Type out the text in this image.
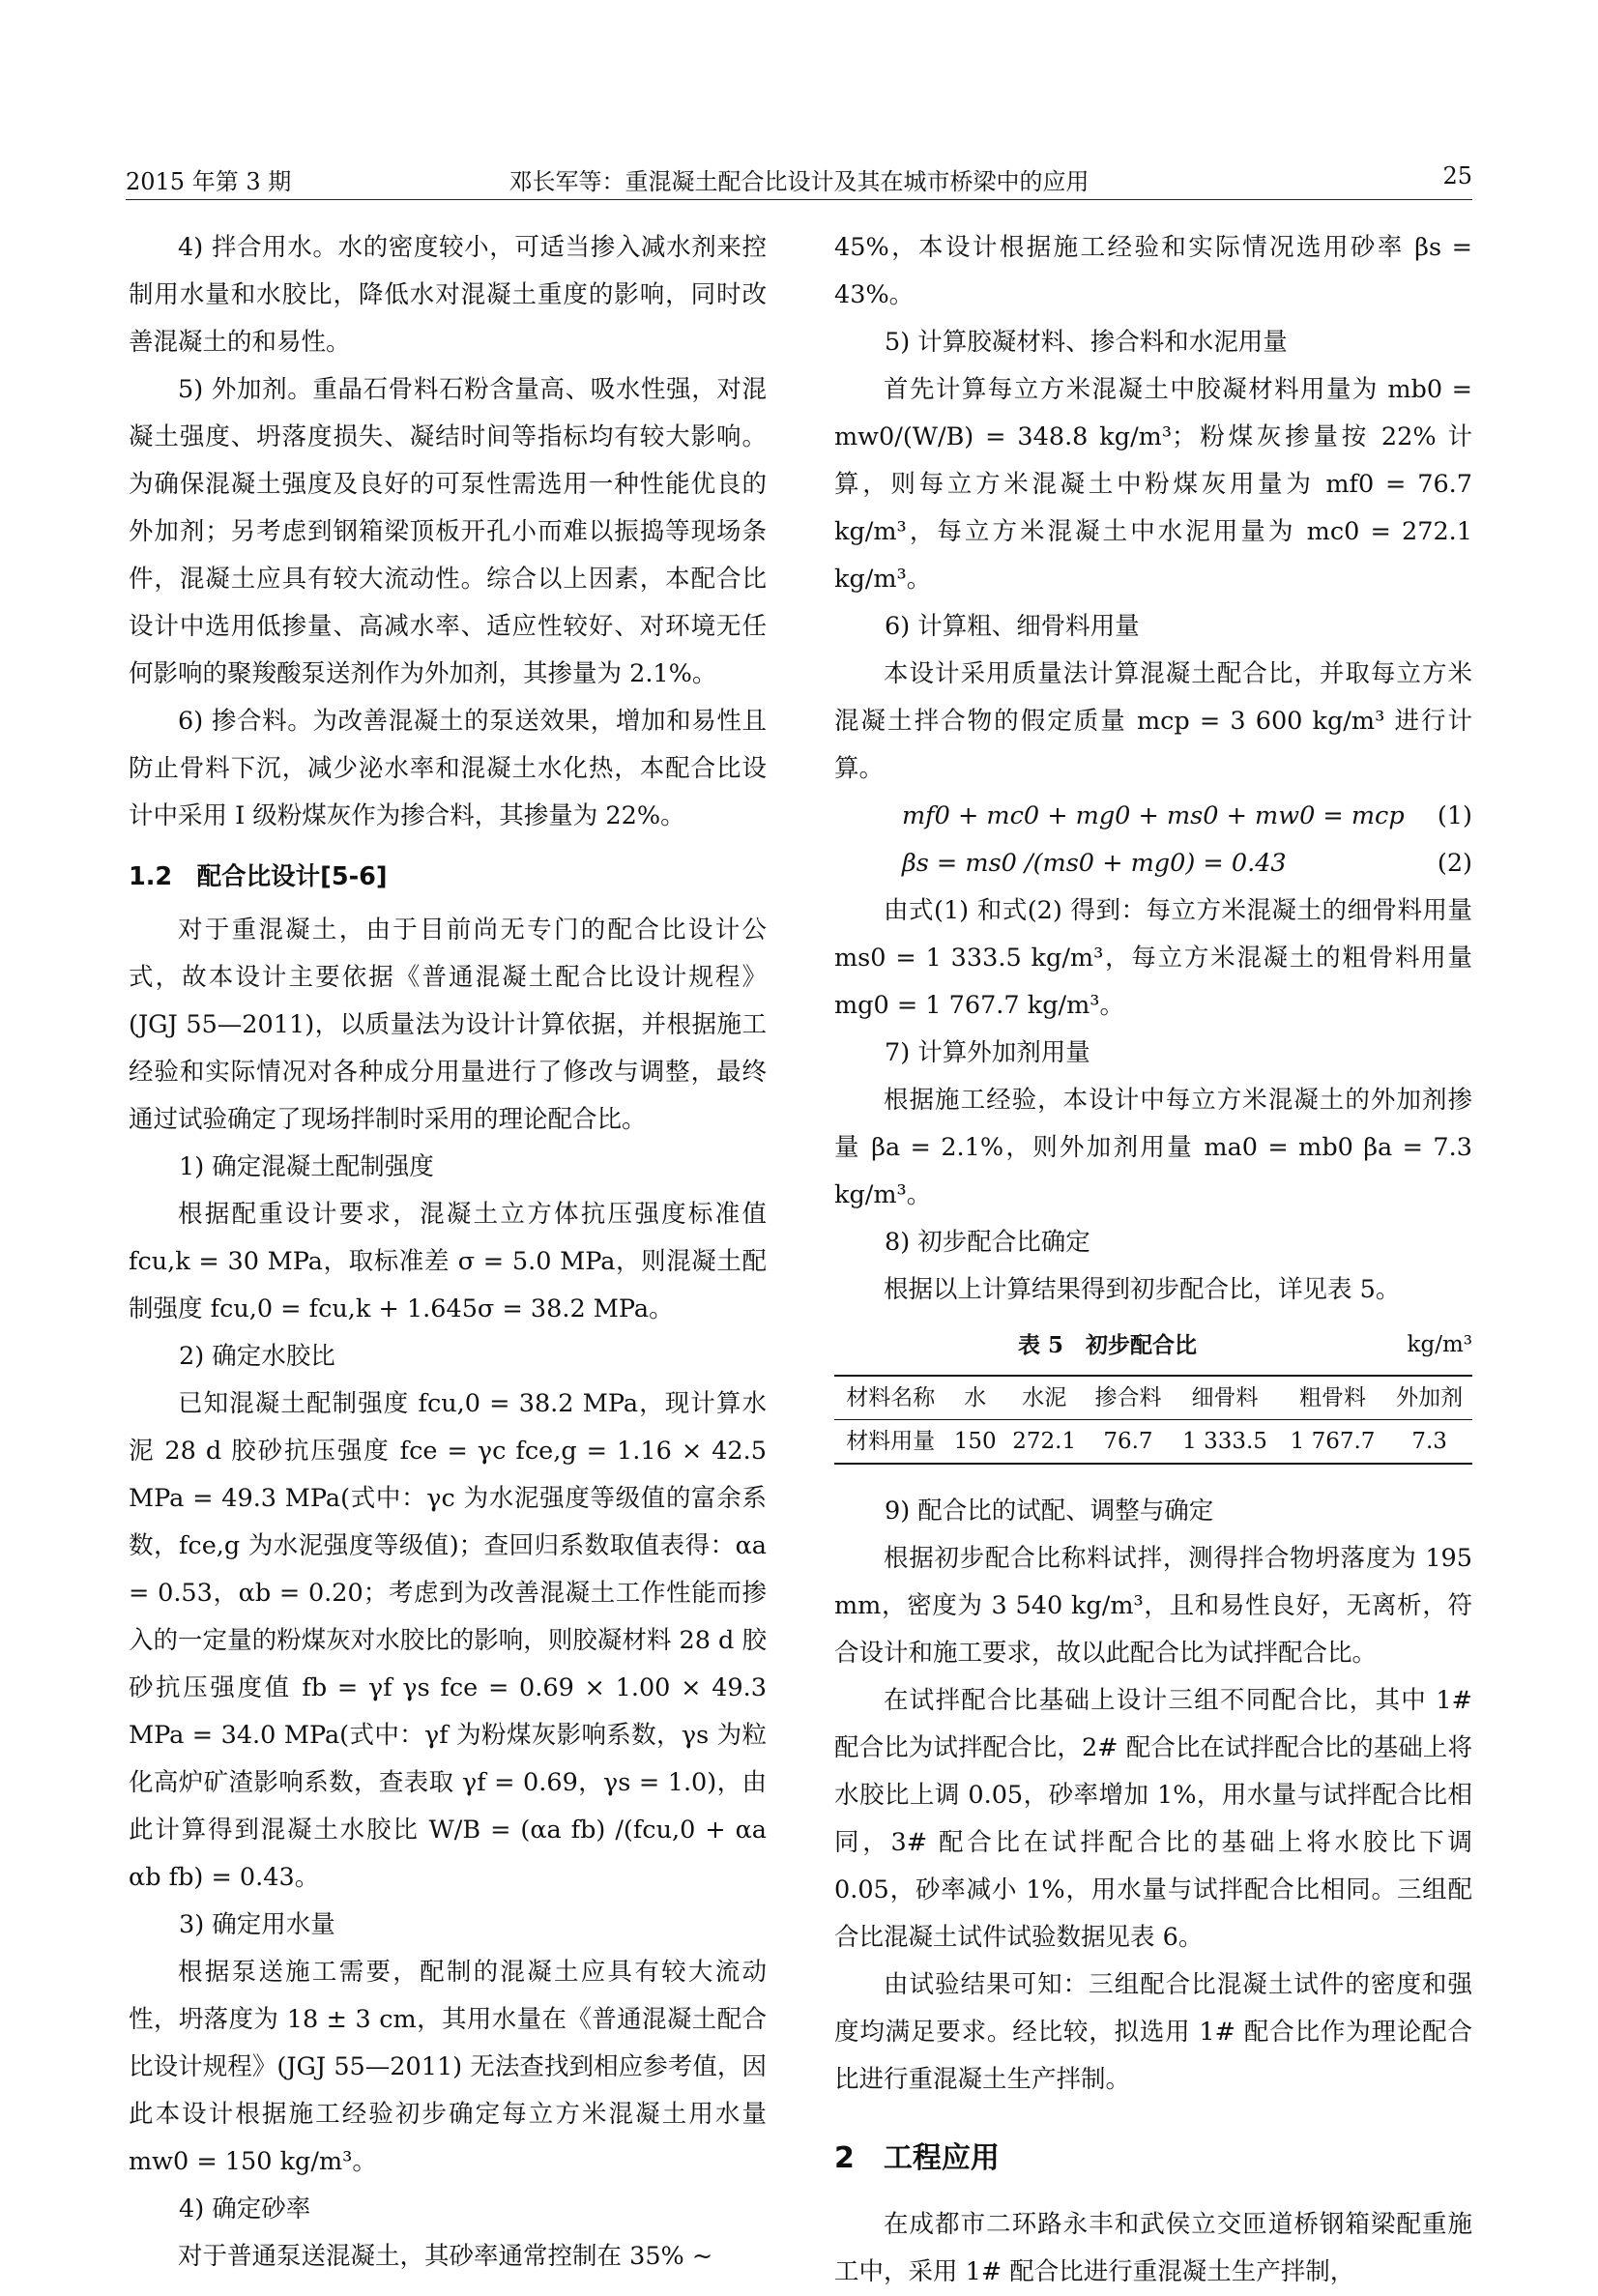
2015 年第 3 期	邓长军等：重混凝土配合比设计及其在城市桥梁中的应用	25

4) 拌合用水。水的密度较小，可适当掺入减水剂来控制用水量和水胶比，降低水对混凝土重度的影响，同时改善混凝土的和易性。

5) 外加剂。重晶石骨料石粉含量高、吸水性强，对混凝土强度、坍落度损失、凝结时间等指标均有较大影响。为确保混凝土强度及良好的可泵性需选用一种性能优良的外加剂；另考虑到钢箱梁顶板开孔小而难以振捣等现场条件，混凝土应具有较大流动性。综合以上因素，本配合比设计中选用低掺量、高减水率、适应性较好、对环境无任何影响的聚羧酸泵送剂作为外加剂，其掺量为 2.1%。

6) 掺合料。为改善混凝土的泵送效果，增加和易性且防止骨料下沉，减少泌水率和混凝土水化热，本配合比设计中采用 Ⅰ 级粉煤灰作为掺合料，其掺量为 22%。

1.2　配合比设计[5-6]

对于重混凝土，由于目前尚无专门的配合比设计公式，故本设计主要依据《普通混凝土配合比设计规程》(JGJ 55—2011)，以质量法为设计计算依据，并根据施工经验和实际情况对各种成分用量进行了修改与调整，最终通过试验确定了现场拌制时采用的理论配合比。

1) 确定混凝土配制强度

根据配重设计要求，混凝土立方体抗压强度标准值 fcu,k = 30 MPa，取标准差 σ = 5.0 MPa，则混凝土配制强度 fcu,0 = fcu,k + 1.645σ = 38.2 MPa。

2) 确定水胶比

已知混凝土配制强度 fcu,0 = 38.2 MPa，现计算水泥 28 d 胶砂抗压强度 fce = γc fce,g = 1.16 × 42.5 MPa = 49.3 MPa(式中：γc 为水泥强度等级值的富余系数，fce,g 为水泥强度等级值)；查回归系数取值表得：αa = 0.53，αb = 0.20；考虑到为改善混凝土工作性能而掺入的一定量的粉煤灰对水胶比的影响，则胶凝材料 28 d 胶砂抗压强度值 fb = γf γs fce = 0.69 × 1.00 × 49.3 MPa = 34.0 MPa(式中：γf 为粉煤灰影响系数，γs 为粒化高炉矿渣影响系数，查表取 γf = 0.69，γs = 1.0)，由此计算得到混凝土水胶比 W/B = (αa fb) /(fcu,0 + αa αb fb) = 0.43。

3) 确定用水量

根据泵送施工需要，配制的混凝土应具有较大流动性，坍落度为 18 ± 3 cm，其用水量在《普通混凝土配合比设计规程》(JGJ 55—2011) 无法查找到相应参考值，因此本设计根据施工经验初步确定每立方米混凝土用水量 mw0 = 150 kg/m³。

4) 确定砂率

对于普通泵送混凝土，其砂率通常控制在 35% ~

45%，本设计根据施工经验和实际情况选用砂率 βs = 43%。

5) 计算胶凝材料、掺合料和水泥用量

首先计算每立方米混凝土中胶凝材料用量为 mb0 = mw0/(W/B) = 348.8 kg/m³；粉煤灰掺量按 22% 计算，则每立方米混凝土中粉煤灰用量为 mf0 = 76.7 kg/m³，每立方米混凝土中水泥用量为 mc0 = 272.1 kg/m³。

6) 计算粗、细骨料用量

本设计采用质量法计算混凝土配合比，并取每立方米混凝土拌合物的假定质量 mcp = 3 600 kg/m³ 进行计算。

mf0 + mc0 + mg0 + ms0 + mw0 = mcp (1)
βs = ms0 /(ms0 + mg0) = 0.43	(2)

由式(1) 和式(2) 得到：每立方米混凝土的细骨料用量 ms0 = 1 333.5 kg/m³，每立方米混凝土的粗骨料用量 mg0 = 1 767.7 kg/m³。

7) 计算外加剂用量

根据施工经验，本设计中每立方米混凝土的外加剂掺量 βa = 2.1%，则外加剂用量 ma0 = mb0 βa = 7.3 kg/m³。

8) 初步配合比确定

根据以上计算结果得到初步配合比，详见表 5。

表 5　初步配合比	kg/m³
材料名称	水	水泥	掺合料	细骨料	粗骨料	外加剂
材料用量	150	272.1	76.7	1 333.5	1 767.7	7.3

9) 配合比的试配、调整与确定

根据初步配合比称料试拌，测得拌合物坍落度为 195 mm，密度为 3 540 kg/m³，且和易性良好，无离析，符合设计和施工要求，故以此配合比为试拌配合比。

在试拌配合比基础上设计三组不同配合比，其中 1# 配合比为试拌配合比，2# 配合比在试拌配合比的基础上将水胶比上调 0.05，砂率增加 1%，用水量与试拌配合比相同，3# 配合比在试拌配合比的基础上将水胶比下调 0.05，砂率减小 1%，用水量与试拌配合比相同。三组配合比混凝土试件试验数据见表 6。

由试验结果可知：三组配合比混凝土试件的密度和强度均满足要求。经比较，拟选用 1# 配合比作为理论配合比进行重混凝土生产拌制。

2　工程应用

在成都市二环路永丰和武侯立交匝道桥钢箱梁配重施工中，采用 1# 配合比进行重混凝土生产拌制，
